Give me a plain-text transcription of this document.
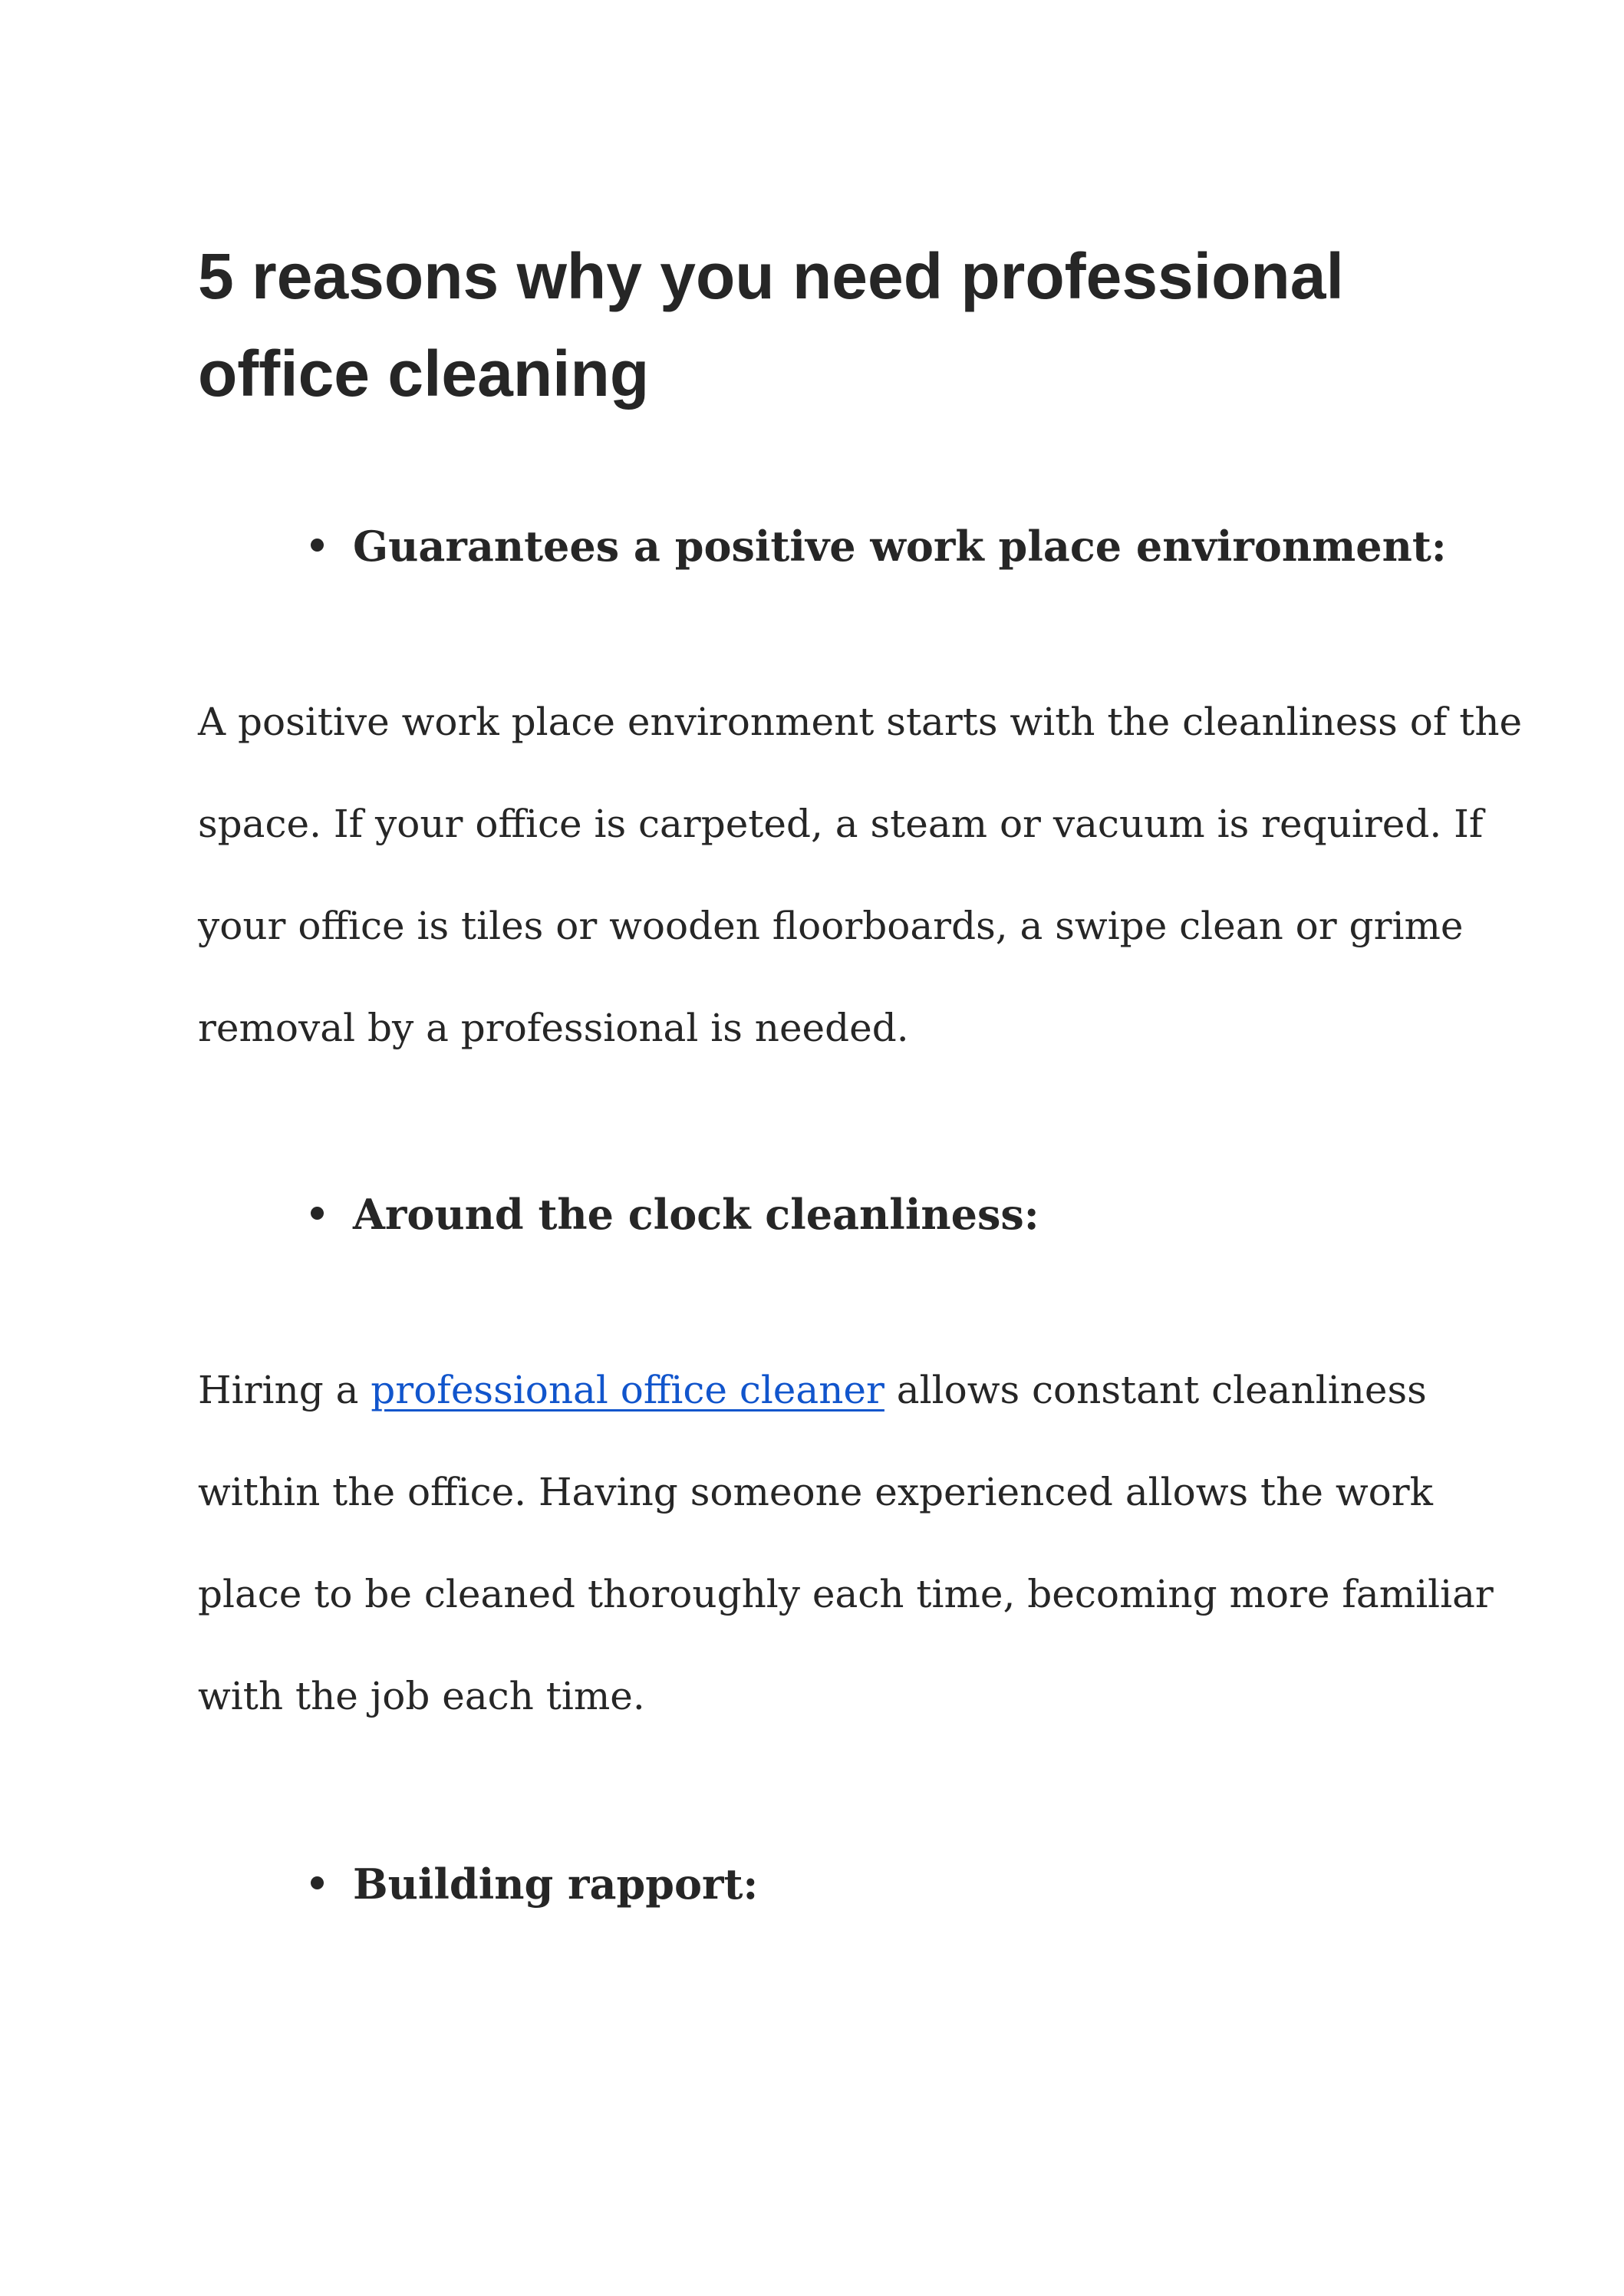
5 reasons why you need professional office cleaning
Guarantees a positive work place environment:

A positive work place environment starts with the cleanliness of the
space. If your office is carpeted, a steam or vacuum is required. If
your office is tiles or wooden floorboards, a swipe clean or grime
removal by a professional is needed.

Around the clock cleanliness:

Hiring a professional office cleaner allows constant cleanliness
within the office. Having someone experienced allows the work
place to be cleaned thoroughly each time, becoming more familiar
with the job each time.

Building rapport:
